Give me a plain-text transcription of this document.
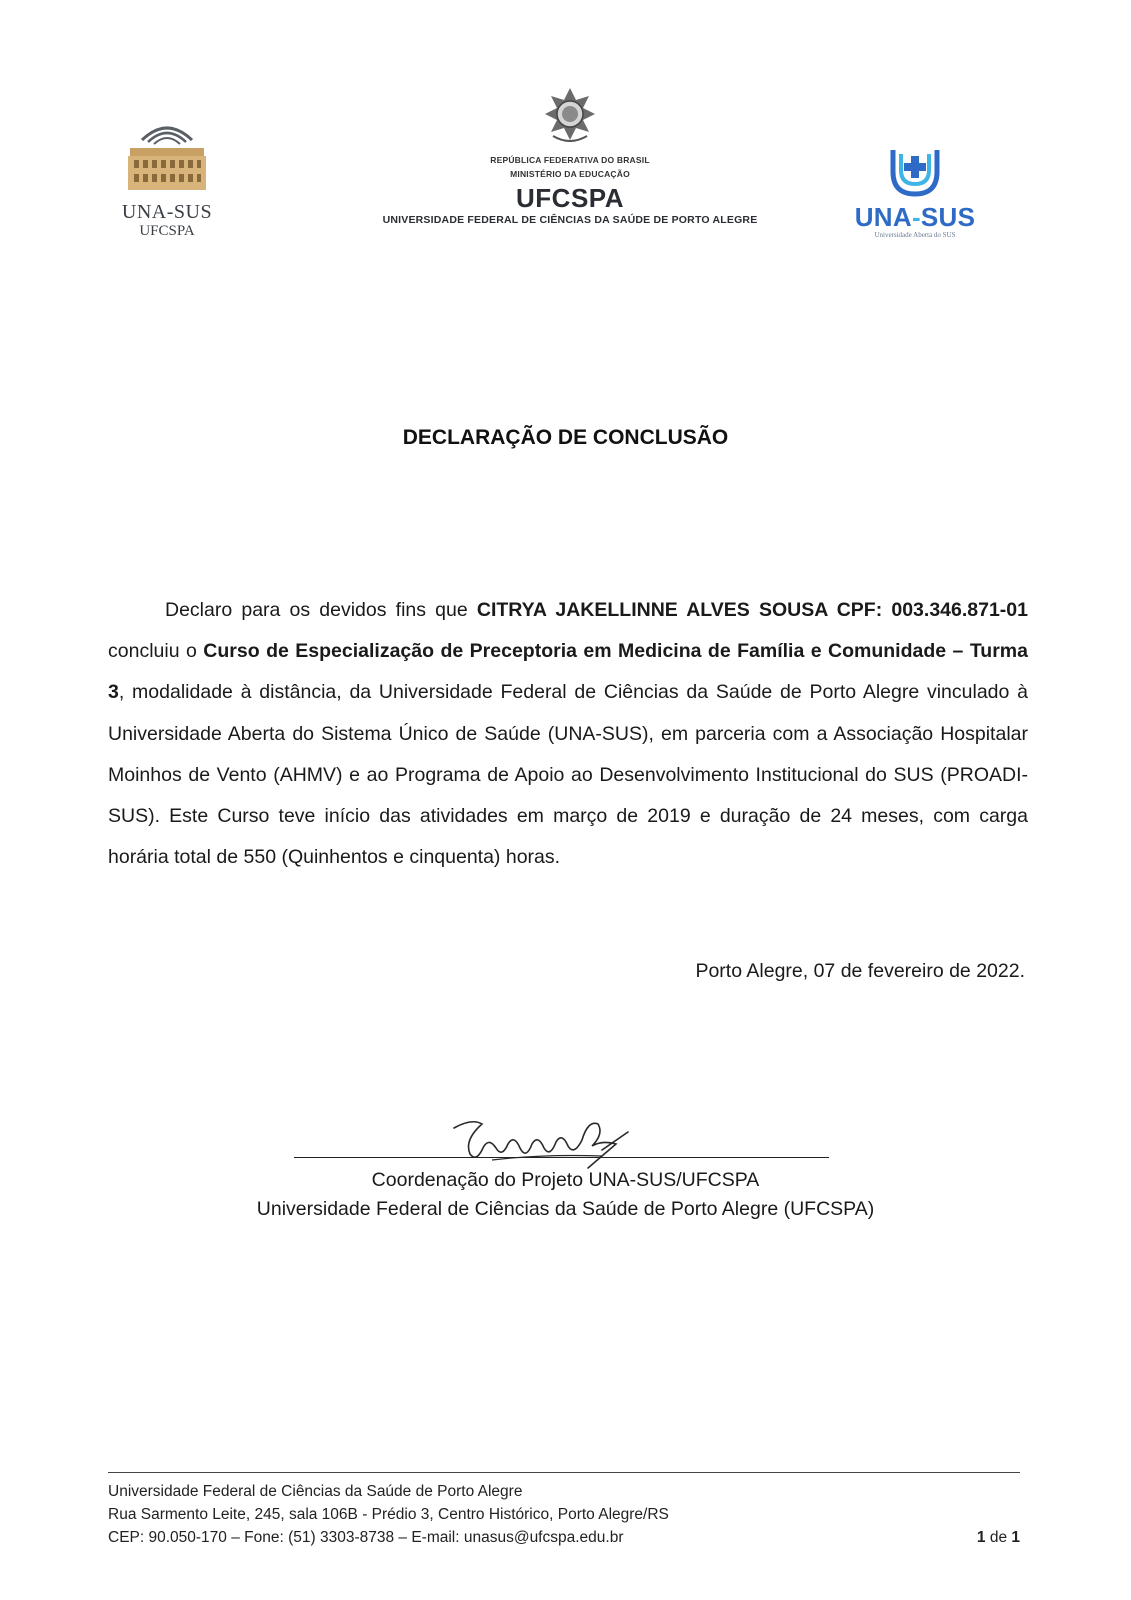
UNA-SUS
UFCSPA
REPÚBLICA FEDERATIVA DO BRASIL
MINISTÉRIO DA EDUCAÇÃO
UFCSPA
UNIVERSIDADE FEDERAL DE CIÊNCIAS DA SAÚDE DE PORTO ALEGRE	UNA-SUS
Universidade Aberta do SUS
DECLARAÇÃO DE CONCLUSÃO

Declaro para os devidos fins que CITRYA JAKELLINNE ALVES SOUSA CPF: 003.346.871-01 concluiu o Curso de Especialização de Preceptoria em Medicina de Família e Comunidade – Turma 3, modalidade à distância, da Universidade Federal de Ciências da Saúde de Porto Alegre vinculado à Universidade Aberta do Sistema Único de Saúde (UNA-SUS), em parceria com a Associação Hospitalar Moinhos de Vento (AHMV) e ao Programa de Apoio ao Desenvolvimento Institucional do SUS (PROADI-SUS). Este Curso teve início das atividades em março de 2019 e duração de 24 meses, com carga horária total de 550 (Quinhentos e cinquenta) horas.

Porto Alegre, 07 de fevereiro de 2022.
Coordenação do Projeto UNA-SUS/UFCSPA
Universidade Federal de Ciências da Saúde de Porto Alegre (UFCSPA)
Universidade Federal de Ciências da Saúde de Porto Alegre
Rua Sarmento Leite, 245, sala 106B - Prédio 3, Centro Histórico, Porto Alegre/RS
CEP: 90.050-170 – Fone: (51) 3303-8738 – E-mail: unasus@ufcspa.edu.br	1 de 1
